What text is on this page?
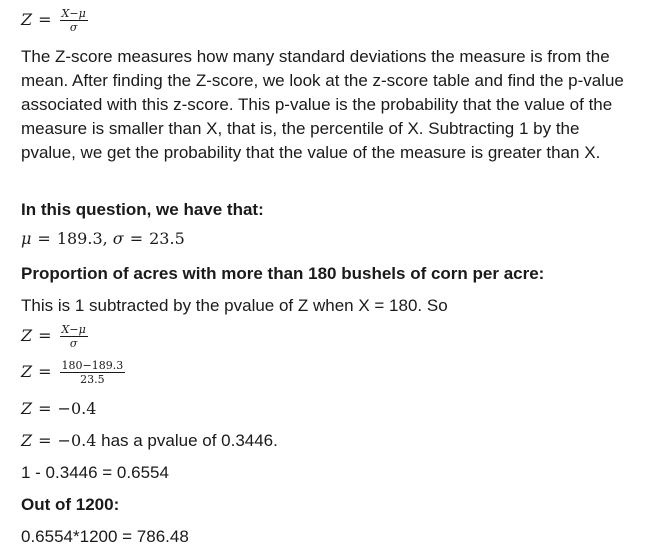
$Z = \frac{X-\mu}{\sigma}$
The Z-score measures how many standard deviations the measure is from the mean. After finding the Z-score, we look at the z-score table and find the p-value associated with this z-score. This p-value is the probability that the value of the measure is smaller than X, that is, the percentile of X. Subtracting 1 by the pvalue, we get the probability that the value of the measure is greater than X.
In this question, we have that:
μ = 189.3, σ = 23.5
Proportion of acres with more than 180 bushels of corn per acre:
This is 1 subtracted by the pvalue of Z when X = 180. So
$Z = \frac{X-\mu}{\sigma}$
$Z = \frac{180-189.3}{23.5}$
Z = −0.4
Z = −0.4 has a pvalue of 0.3446.
1 - 0.3446 = 0.6554
Out of 1200:
0.6554*1200 = 786.48
